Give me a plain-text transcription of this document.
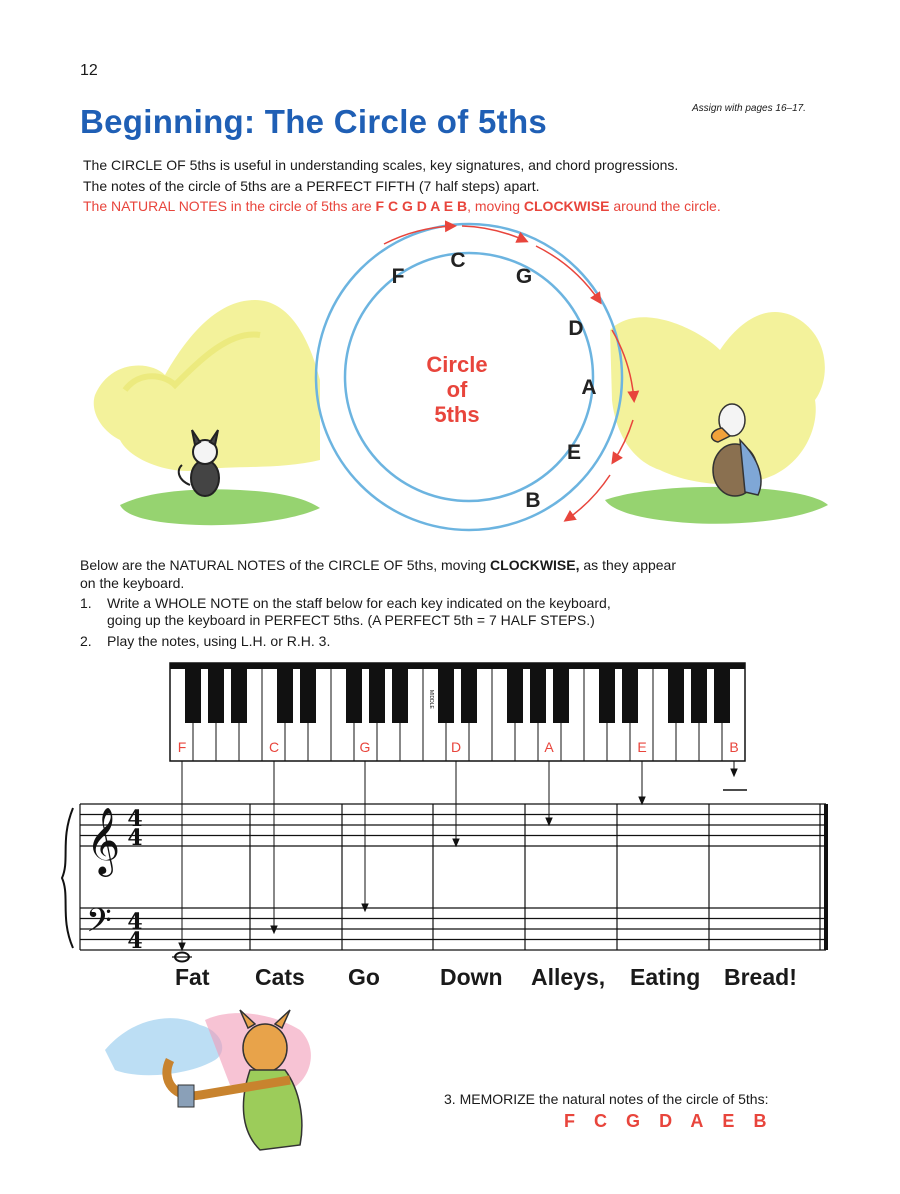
12
Assign with pages 16–17.
Beginning: The Circle of 5ths
The CIRCLE OF 5ths is useful in understanding scales, key signatures, and chord progressions.
The notes of the circle of 5ths are a PERFECT FIFTH (7 half steps) apart.
The NATURAL NOTES in the circle of 5ths are F C G D A E B, moving CLOCKWISE around the circle.
F
C
G
D
A
E
B
Circle
of
5ths
Below are the NATURAL NOTES of the CIRCLE OF 5ths, moving CLOCKWISE, as they appear
on the keyboard.
1. Write a WHOLE NOTE on the staff below for each key indicated on the keyboard,
going up the keyboard in PERFECT 5ths. (A PERFECT 5th = 7 HALF STEPS.)
2. Play the notes, using L.H. or R.H. 3.
F	C	G	D	A	E	B
MIDDLE
𝄞
𝄢
4
4
4
4
Fat Cats Go	Down Alleys, Eating Bread!
3. MEMORIZE the natural notes of the circle of 5ths:
F C G D A E B
